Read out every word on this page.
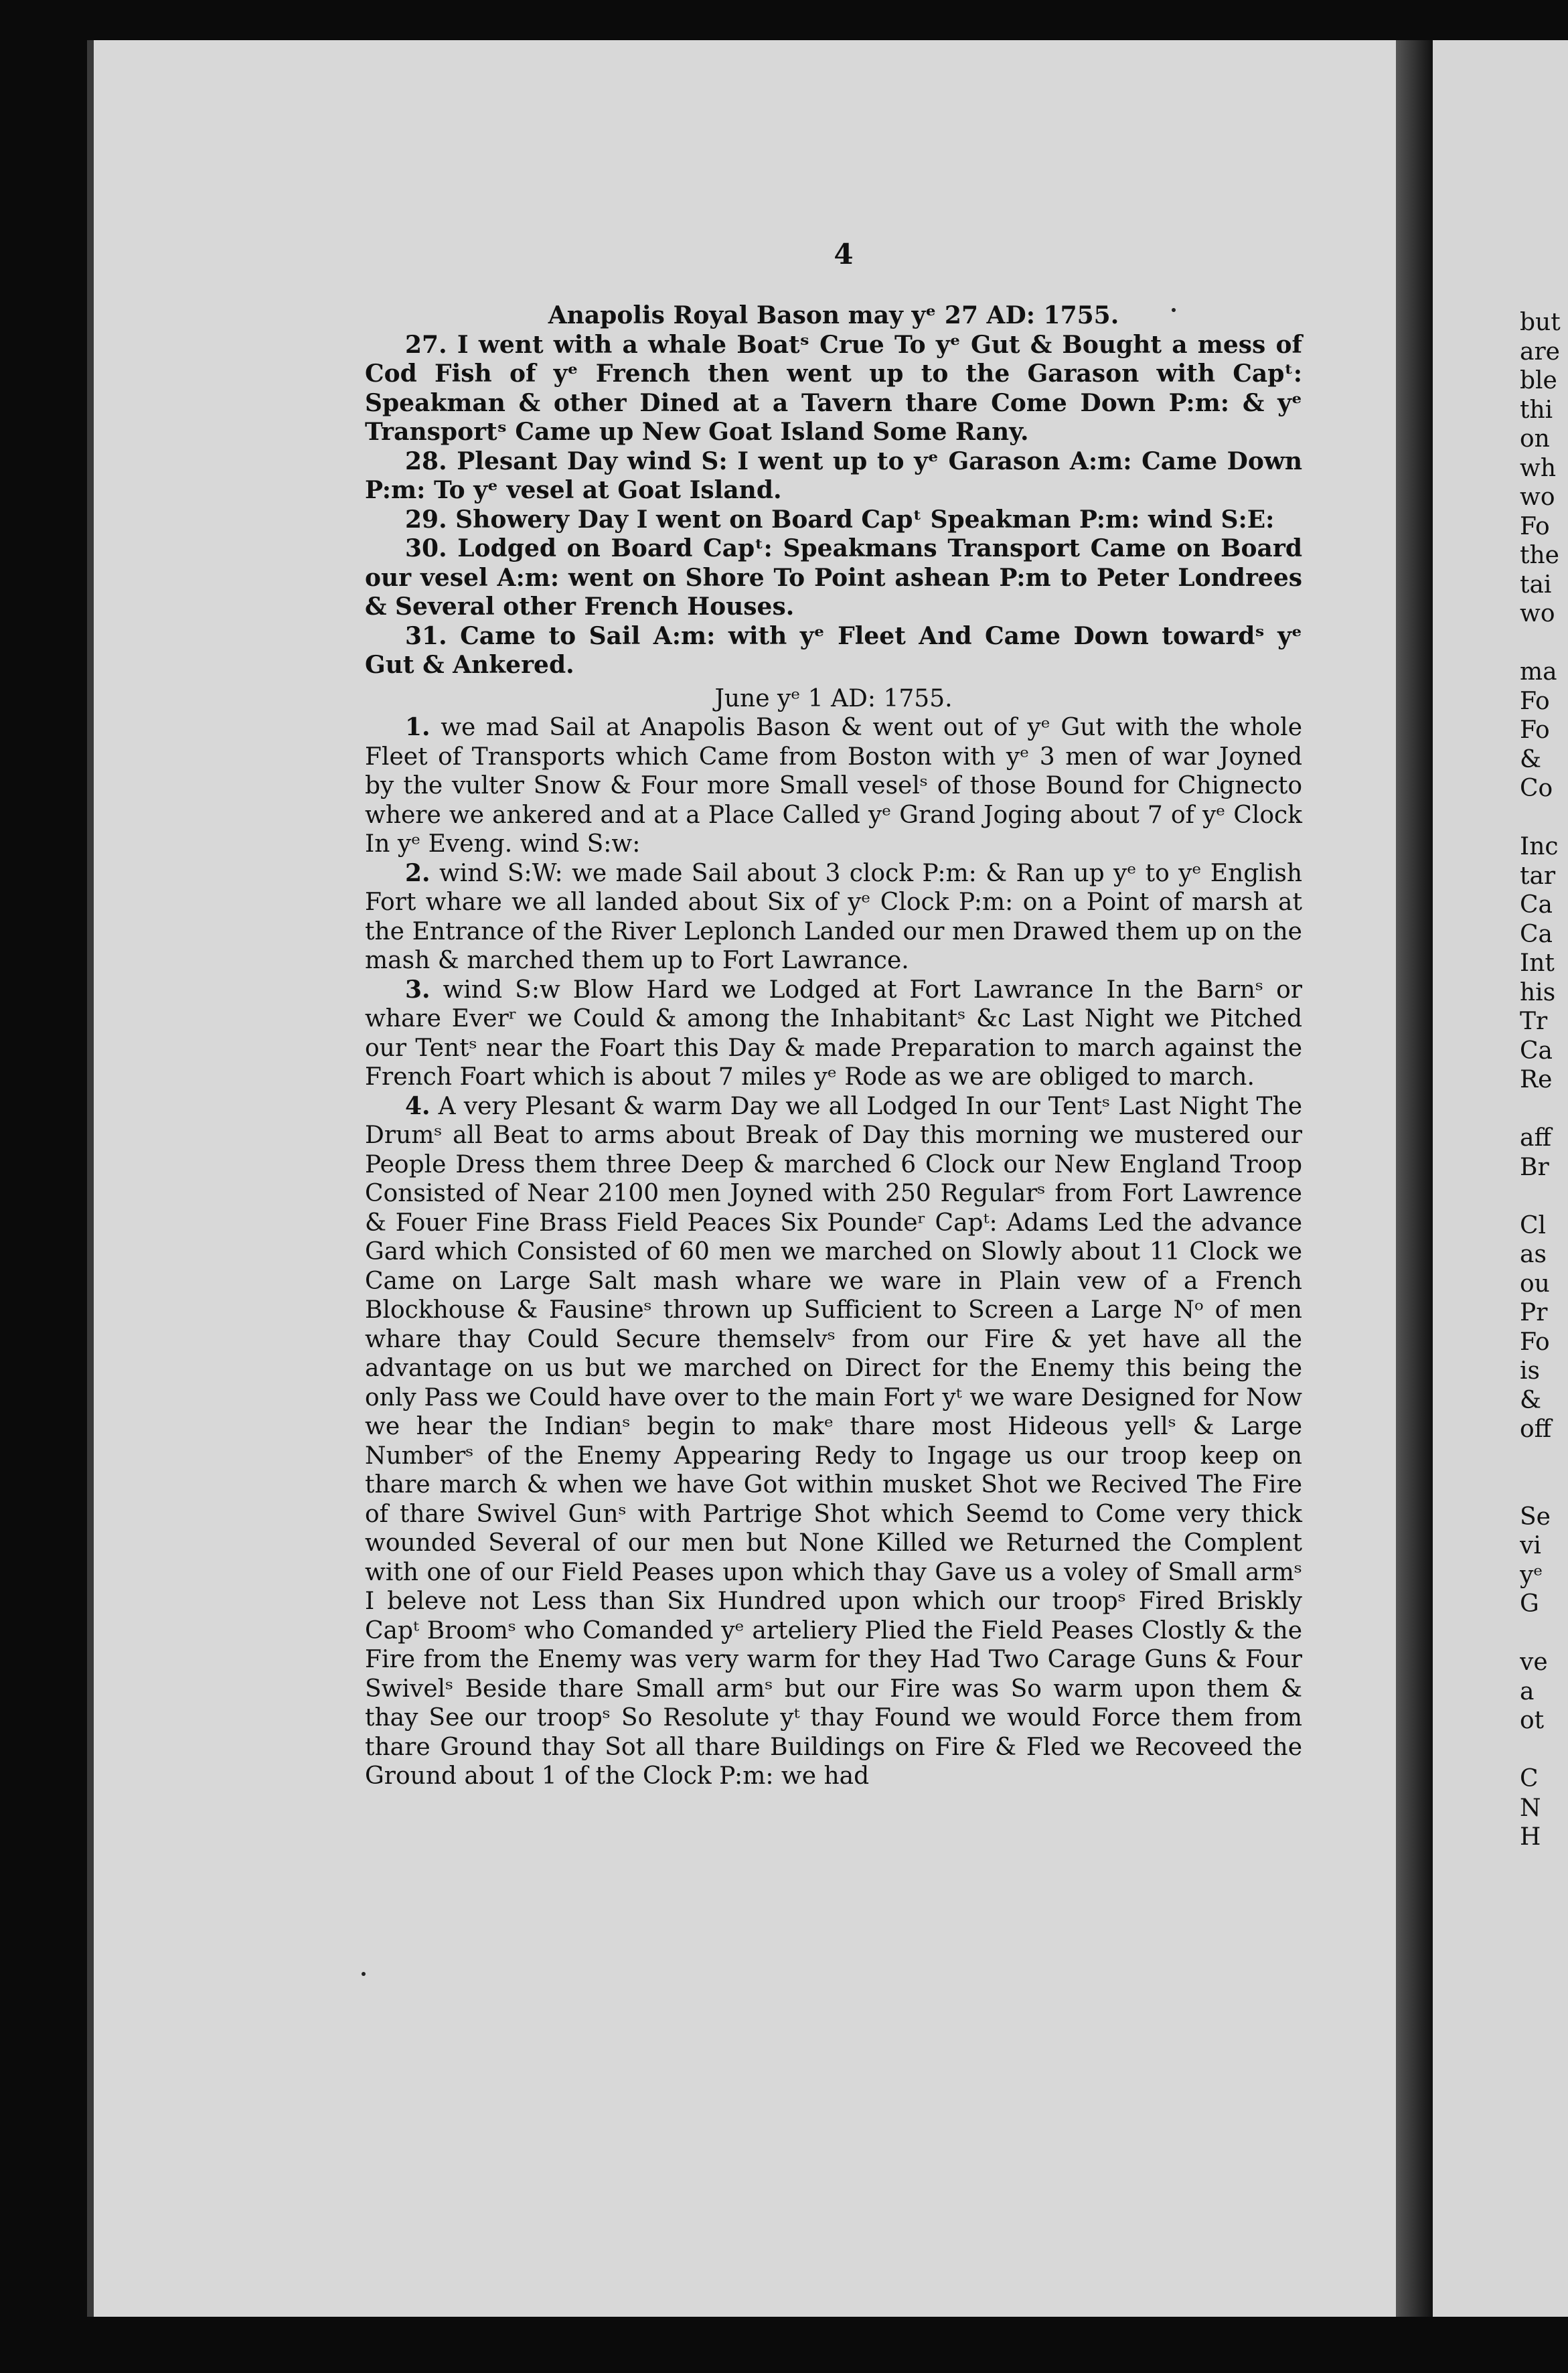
4

Anapolis Royal Bason may yᵉ 27 AD: 1755.

27. I went with a whale Boatˢ Crue To yᵉ Gut & Bought a mess of Cod Fish of yᵉ French then went up to the Garason with Capᵗ: Speakman & other Dined at a Tavern thare Come Down P:m: & yᵉ Transportˢ Came up New Goat Island Some Rany.

28. Plesant Day wind S: I went up to yᵉ Garason A:m: Came Down P:m: To yᵉ vesel at Goat Island.

29. Showery Day I went on Board Capᵗ Speakman P:m: wind S:E:

30. Lodged on Board Capᵗ: Speakmans Transport Came on Board our vesel A:m: went on Shore To Point ashean P:m to Peter Londrees & Several other French Houses.

31. Came to Sail A:m: with yᵉ Fleet And Came Down towardˢ yᵉ Gut & Ankered.

June yᵉ 1 AD: 1755.

1. we mad Sail at Anapolis Bason & went out of yᵉ Gut with the whole Fleet of Transports which Came from Boston with yᵉ 3 men of war Joyned by the vulter Snow & Four more Small veselˢ of those Bound for Chignecto where we ankered and at a Place Called yᵉ Grand Joging about 7 of yᵉ Clock In yᵉ Eveng. wind S:w:

2. wind S:W: we made Sail about 3 clock P:m: & Ran up yᵉ to yᵉ English Fort whare we all landed about Six of yᵉ Clock P:m: on a Point of marsh at the Entrance of the River Leplonch Landed our men Drawed them up on the mash & marched them up to Fort Lawrance.

3. wind S:w Blow Hard we Lodged at Fort Lawrance In the Barnˢ or whare Everʳ we Could & among the Inhabitantˢ &c Last Night we Pitched our Tentˢ near the Foart this Day & made Preparation to march against the French Foart which is about 7 miles yᵉ Rode as we are obliged to march.

4. A very Plesant & warm Day we all Lodged In our Tentˢ Last Night The Drumˢ all Beat to arms about Break of Day this morning we mustered our People Dress them three Deep & marched 6 Clock our New England Troop Consisted of Near 2100 men Joyned with 250 Regularˢ from Fort Lawrence & Fouer Fine Brass Field Peaces Six Poundeʳ Capᵗ: Adams Led the advance Gard which Consisted of 60 men we marched on Slowly about 11 Clock we Came on Large Salt mash whare we ware in Plain vew of a French Blockhouse & Fausineˢ thrown up Sufficient to Screen a Large Nᵒ of men whare thay Could Secure themselvˢ from our Fire & yet have all the advantage on us but we marched on Direct for the Enemy this being the only Pass we Could have over to the main Fort yᵗ we ware Designed for Now we hear the Indianˢ begin to makᵉ thare most Hideous yellˢ & Large Numberˢ of the Enemy Appearing Redy to Ingage us our troop keep on thare march & when we have Got within musket Shot we Recived The Fire of thare Swivel Gunˢ with Partrige Shot which Seemd to Come very thick wounded Several of our men but None Killed we Returned the Complent with one of our Field Peases upon which thay Gave us a voley of Small armˢ I beleve not Less than Six Hundred upon which our troopˢ Fired Briskly Capᵗ Broomˢ who Comanded yᵉ arteliery Plied the Field Peases Clostly & the Fire from the Enemy was very warm for they Had Two Carage Guns & Four Swivelˢ Beside thare Small armˢ but our Fire was So warm upon them & thay See our troopˢ So Resolute yᵗ thay Found we would Force them from thare Ground thay Sot all thare Buildings on Fire & Fled we Recoveed the Ground about 1 of the Clock P:m: we had

but
are
ble
thi
on
wh
wo
Fo
the
tai
wo
ma
Fo
Fo
&
Co
Inc
tar
Ca
Ca
Int
his
Tr
Ca
Re
aff
Br
Cl
as
ou
Pr
Fo
is
&
off
Se
vi
yᵉ
G
ve
a
ot
C
N
H
